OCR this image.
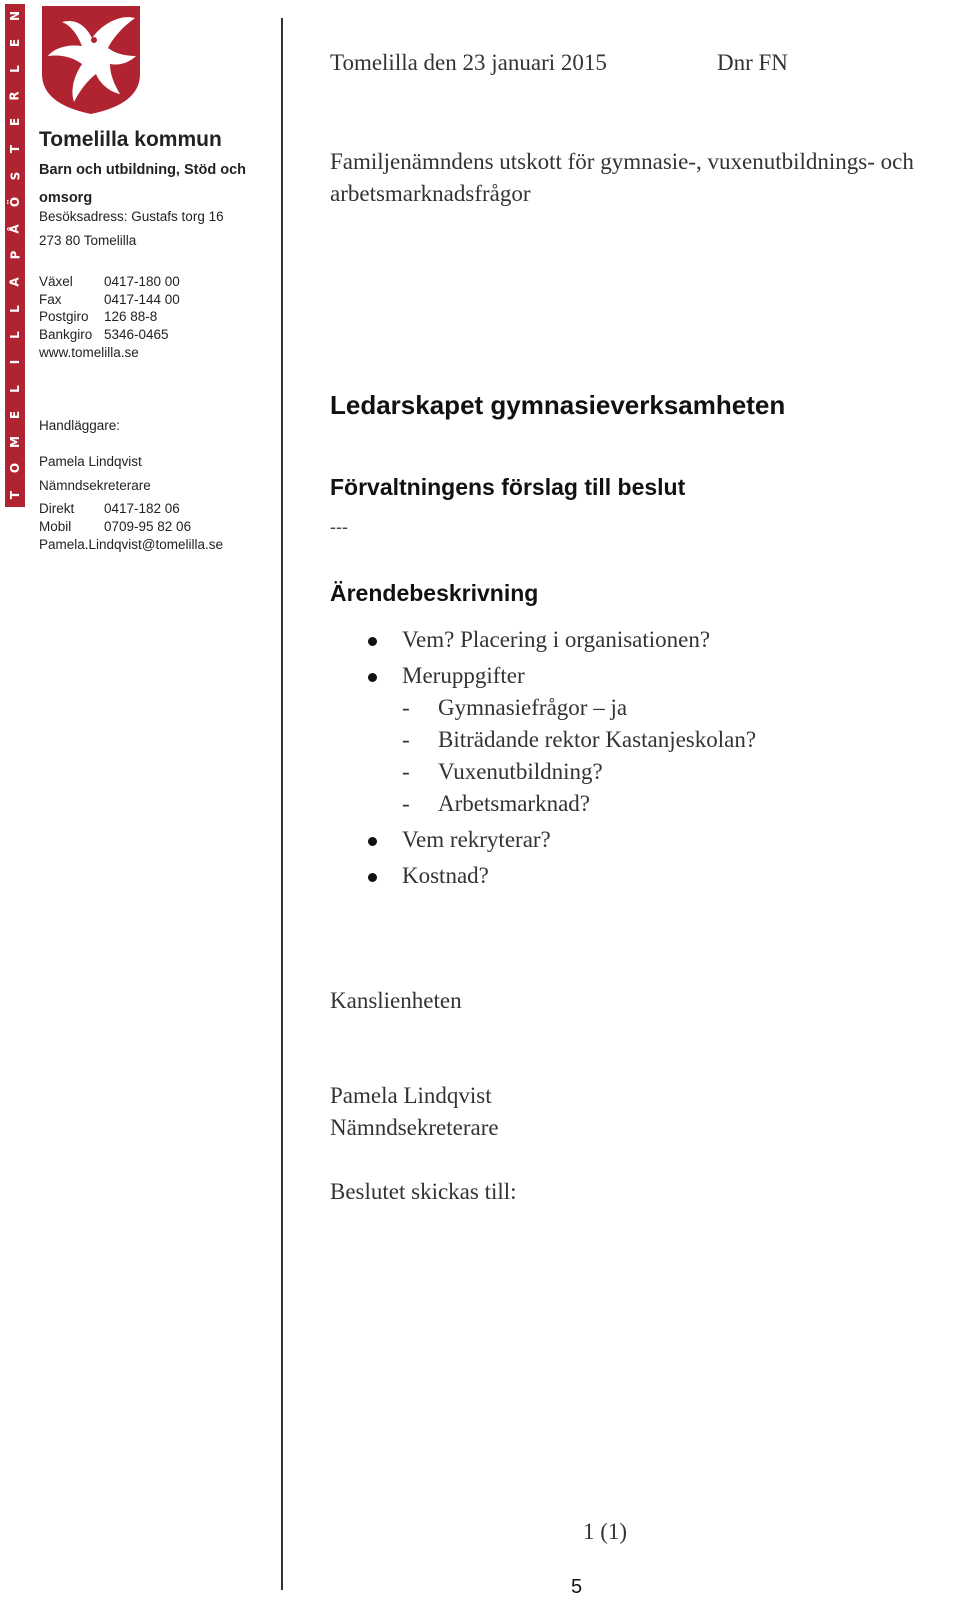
T
O
M
E
L
I
L
L
A
P
Å
Ö
S
T
E
R
L
E
N
Tomelilla kommun
Barn och utbildning, Stöd och omsorg
Besöksadress: Gustafs torg 16
273 80 Tomelilla
Växel 0417-180 00
Fax	0417-144 00
Postgiro 126 88-8
Bankgiro 5346-0465
www.tomelilla.se
Handläggare:
Pamela Lindqvist
Nämndsekreterare
Direkt 0417-182 06
Mobil 0709-95 82 06
Pamela.Lindqvist@tomelilla.se
Tomelilla den 23 januari 2015	Dnr FN
Familjenämndens utskott för gymnasie-, vuxenutbildnings- och arbetsmarknadsfrågor
Ledarskapet gymnasieverksamheten
Förvaltningens förslag till beslut
---
Ärendebeskrivning
Vem? Placering i organisationen?
Meruppgifter
- Gymnasiefrågor – ja
- Biträdande rektor Kastanjeskolan?
- Vuxenutbildning?
- Arbetsmarknad?
Vem rekryterar?
Kostnad?
Kanslienheten
Pamela Lindqvist
Nämndsekreterare
Beslutet skickas till:
1 (1)
5
